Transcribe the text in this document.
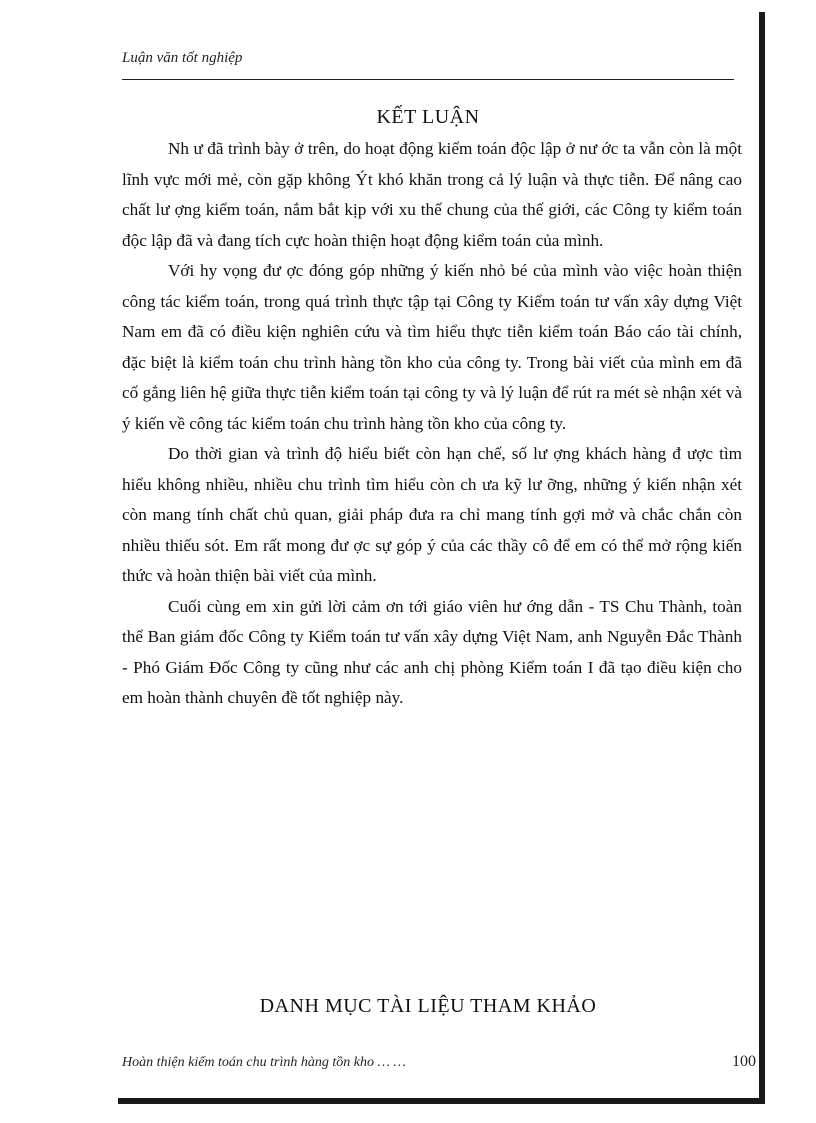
Luận văn tốt nghiệp
KẾT LUẬN

Nh ư đã trình bày ở trên, do hoạt động kiểm toán độc lập ở nư ớc ta vẫn còn là một lĩnh vực mới mẻ, còn gặp không Ýt khó khăn trong cả lý luận và thực tiễn. Để nâng cao chất lư ợng kiểm toán, nắm bắt kịp với xu thế chung của thế giới, các Công ty kiểm toán độc lập đã và đang tích cực hoàn thiện hoạt động kiểm toán của mình.

Với hy vọng đư ợc đóng góp những ý kiến nhỏ bé của mình vào việc hoàn thiện công tác kiểm toán, trong quá trình thực tập tại Công ty Kiểm toán tư vấn xây dựng Việt Nam em đã có điều kiện nghiên cứu và tìm hiểu thực tiễn kiểm toán Báo cáo tài chính, đặc biệt là kiểm toán chu trình hàng tồn kho của công ty. Trong bài viết của mình em đã cố gắng liên hệ giữa thực tiễn kiểm toán tại công ty và lý luận để rút ra mét sè nhận xét và ý kiến về công tác kiểm toán chu trình hàng tồn kho của công ty.

Do thời gian và trình độ hiểu biết còn hạn chế, số lư ợng khách hàng đ ược tìm hiểu không nhiều, nhiều chu trình tìm hiểu còn ch ưa kỹ lư ỡng, những ý kiến nhận xét còn mang tính chất chủ quan, giải pháp đưa ra chỉ mang tính gợi mở và chắc chắn còn nhiều thiếu sót. Em rất mong đư ợc sự góp ý của các thầy cô để em có thể mở rộng kiến thức và hoàn thiện bài viết của mình.

Cuối cùng em xin gửi lời cảm ơn tới giáo viên hư ớng dẫn - TS Chu Thành, toàn thể Ban giám đốc Công ty Kiểm toán tư vấn xây dựng Việt Nam, anh Nguyễn Đắc Thành - Phó Giám Đốc Công ty cũng như các anh chị phòng Kiểm toán I đã tạo điều kiện cho em hoàn thành chuyên đề tốt nghiệp này.

DANH MỤC TÀI LIỆU THAM KHẢO
Hoàn thiện kiểm toán chu trình hàng tồn kho … …	100
